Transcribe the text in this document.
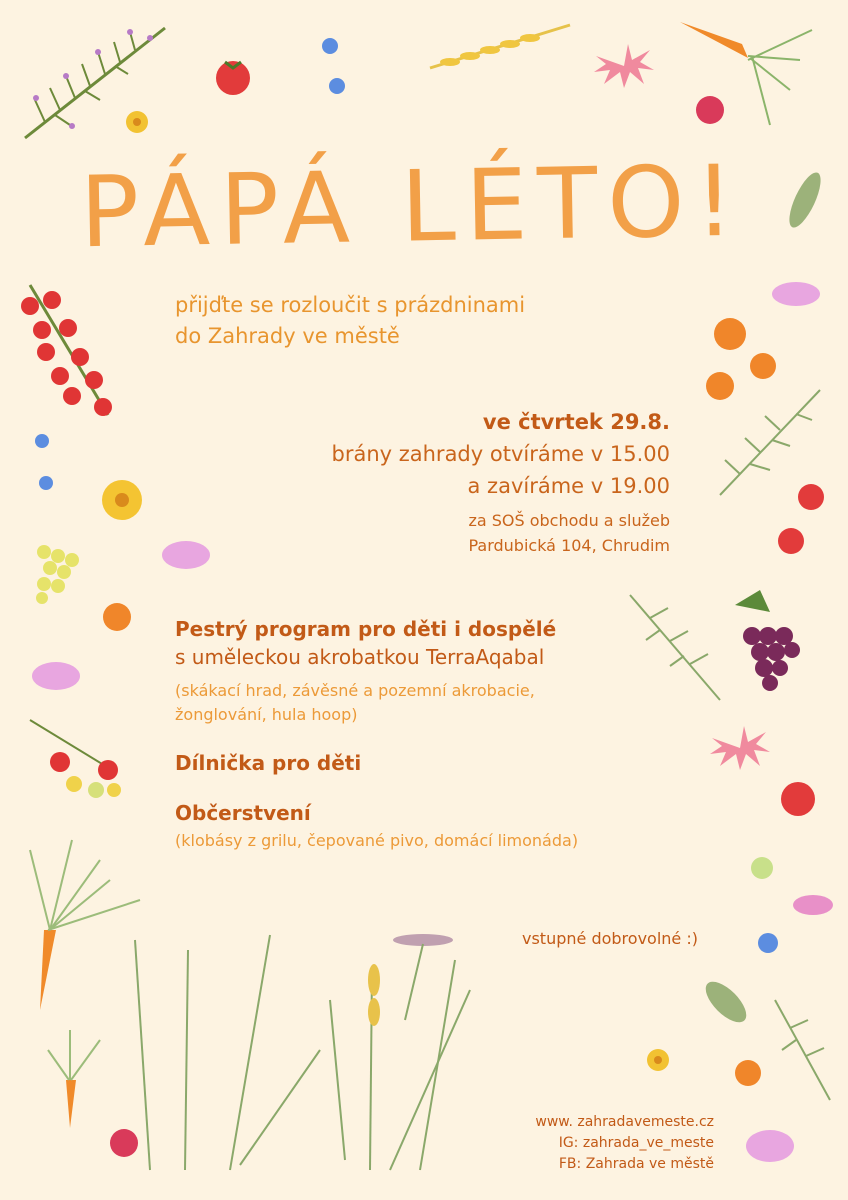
PÁPÁ LÉTO!
přijďte se rozloučit s prázdninami
do Zahrady ve městě
ve čtvrtek 29.8.
brány zahrady otvíráme v 15.00
a zavíráme v 19.00
za SOŠ obchodu a služeb
Pardubická 104, Chrudim
Pestrý program pro děti i dospělé
s uměleckou akrobatkou TerraAqabal
(skákací hrad, závěsné a pozemní akrobacie,
žonglování, hula hoop)
Dílnička pro děti
Občerstvení
(klobásy z grilu, čepované pivo, domácí limonáda)
vstupné dobrovolné :)
www. zahradavemeste.cz
IG: zahrada_ve_meste
FB: Zahrada ve městě
